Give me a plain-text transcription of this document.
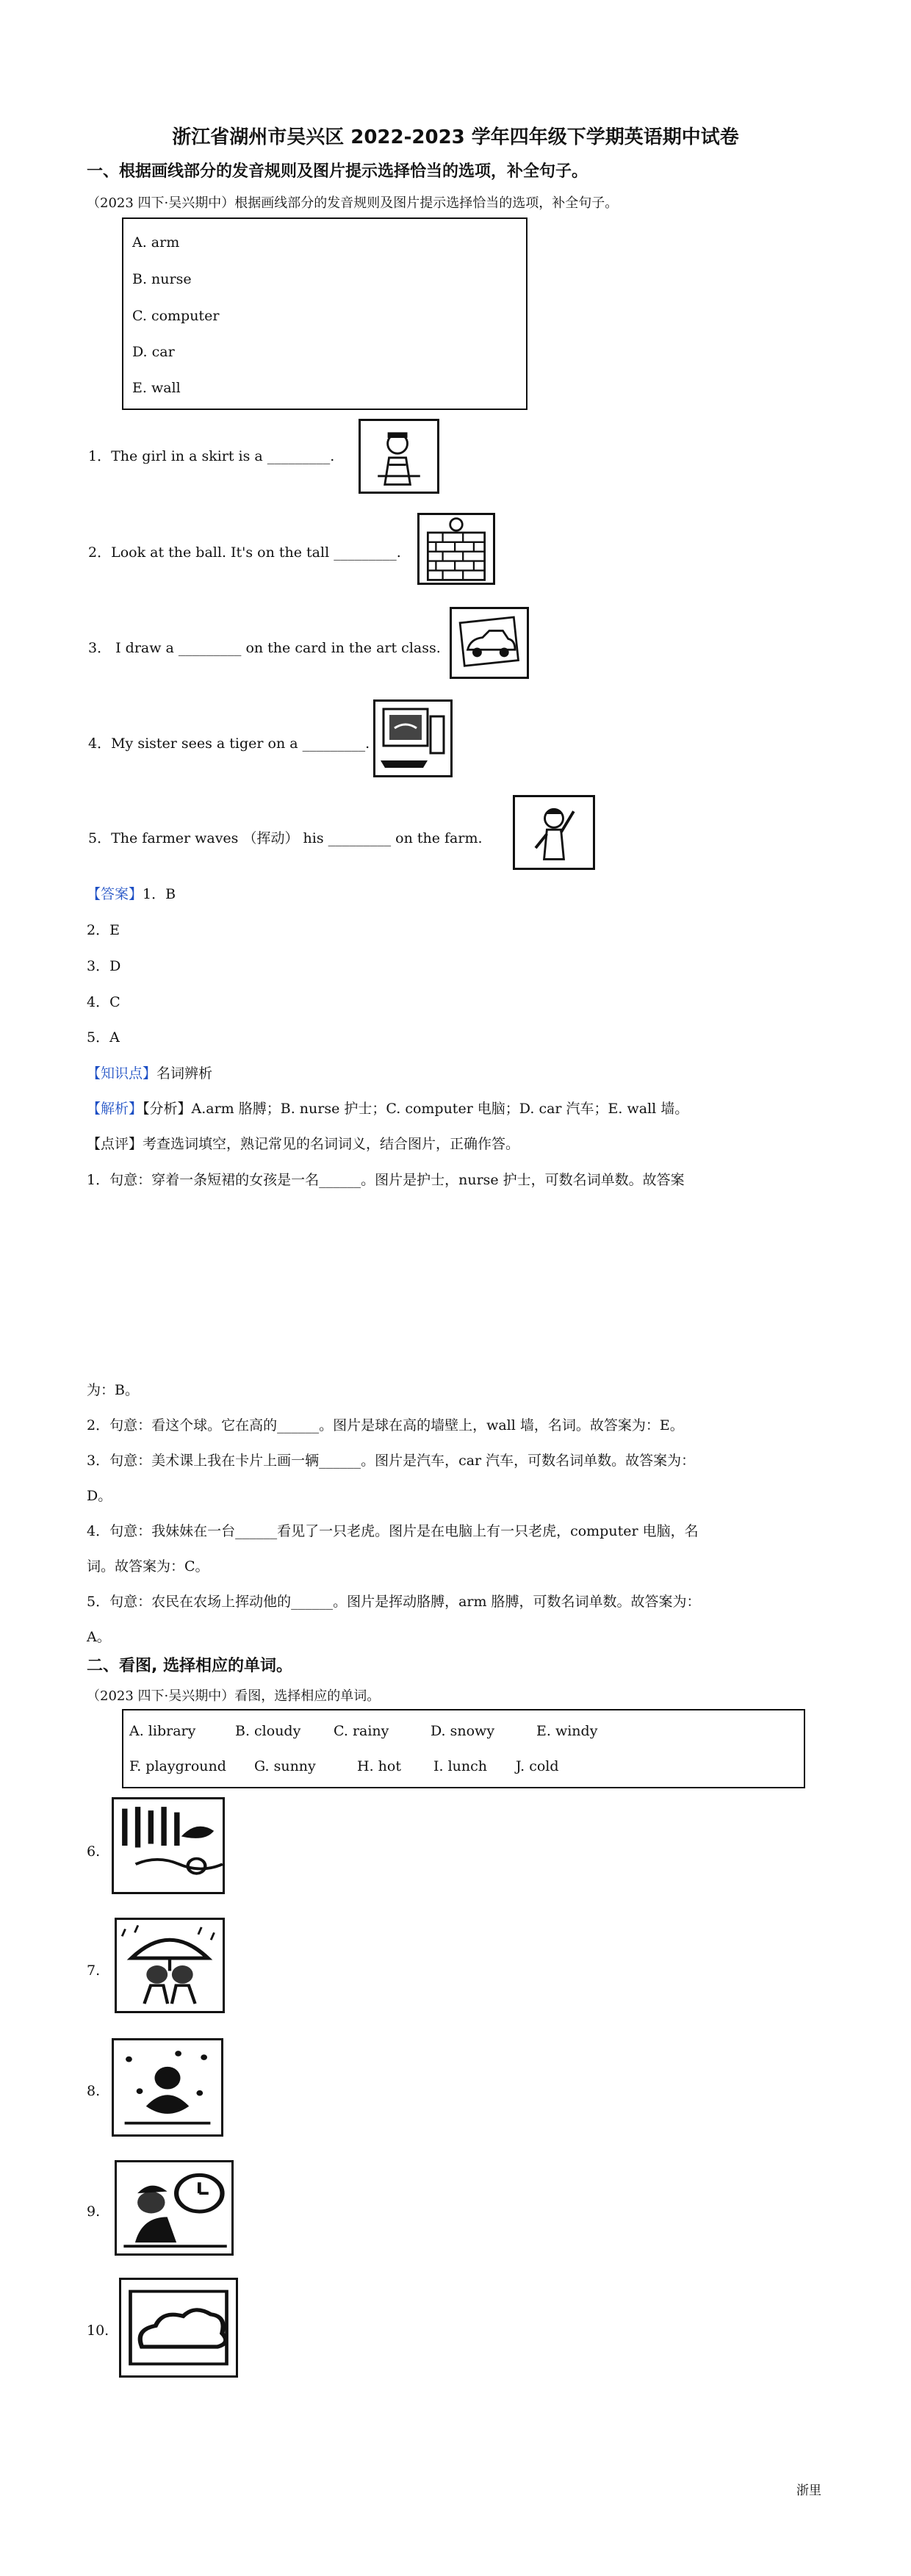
浙江省湖州市吴兴区 2022-2023 学年四年级下学期英语期中试卷
一、根据画线部分的发音规则及图片提示选择恰当的选项，补全句子。
（2023 四下·吴兴期中）根据画线部分的发音规则及图片提示选择恰当的选项，补全句子。
A. arm
B. nurse
C. computer
D. car
E. wall
1．The girl in a skirt is a _________.
2．Look at the ball. It's on the tall _________.
3． I draw a _________ on the card in the art class.
4．My sister sees a tiger on a _________.
5．The farmer waves （挥动） his _________ on the farm.
【答案】1．B
2．E
3．D
4．C
5．A
【知识点】名词辨析
【解析】【分析】A.arm 胳膊；B. nurse 护士；C. computer 电脑；D. car 汽车；E. wall 墙。
【点评】考查选词填空，熟记常见的名词词义，结合图片，正确作答。
1．句意：穿着一条短裙的女孩是一名______。图片是护士，nurse 护士，可数名词单数。故答案
为：B。
2．句意：看这个球。它在高的______。图片是球在高的墙壁上，wall 墙，名词。故答案为：E。
3．句意：美术课上我在卡片上画一辆______。图片是汽车，car 汽车，可数名词单数。故答案为：
D。
4．句意：我妹妹在一台______看见了一只老虎。图片是在电脑上有一只老虎，computer 电脑，名
词。故答案为：C。
5．句意：农民在农场上挥动他的______。图片是挥动胳膊，arm 胳膊，可数名词单数。故答案为：
A。
二、看图, 选择相应的单词。
（2023 四下·吴兴期中）看图，选择相应的单词。
A. library	B. cloudy C. rainy	D. snowy	E. windy
F. playground G. sunny	H. hot I. lunch J. cold
6.
7.
8.
9.
10.
浙里
